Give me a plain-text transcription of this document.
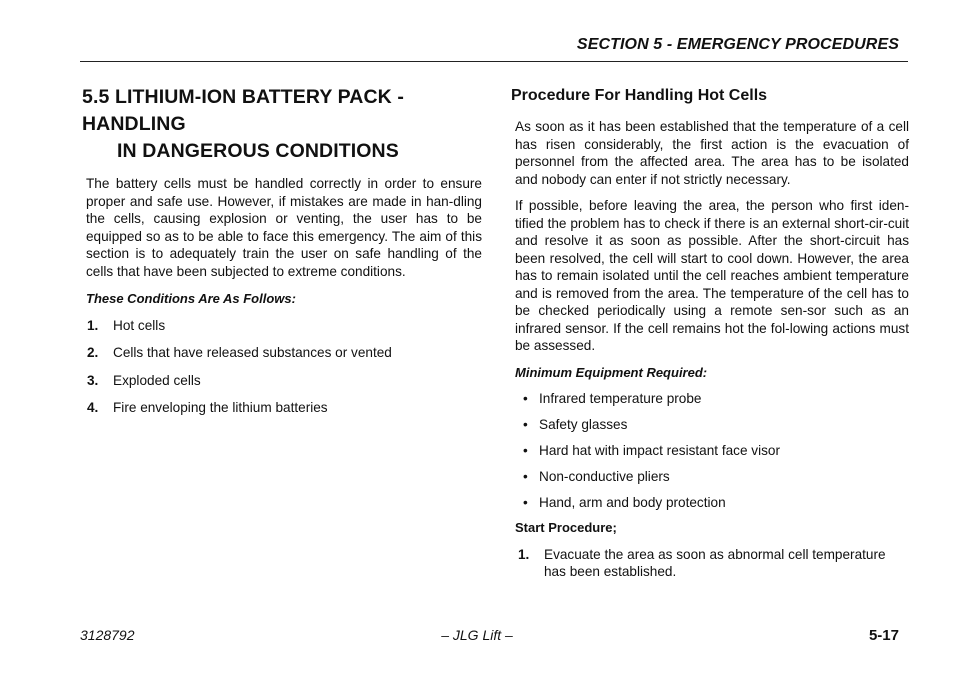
SECTION 5 - EMERGENCY PROCEDURES
5.5 LITHIUM-ION BATTERY PACK - HANDLING
IN DANGEROUS CONDITIONS

The battery cells must be handled correctly in order to ensure proper and safe use. However, if mistakes are made in han-dling the cells, causing explosion or venting, the user has to be equipped so as to be able to face this emergency. The aim of this section is to adequately train the user on safe handling of the cells that have been subjected to extreme conditions.

These Conditions Are As Follows:

1.	Hot cells
2.	Cells that have released substances or vented
3.	Exploded cells
4.	Fire enveloping the lithium batteries
Procedure For Handling Hot Cells

As soon as it has been established that the temperature of a cell has risen considerably, the first action is the evacuation of personnel from the affected area. The area has to be isolated and nobody can enter if not strictly necessary.

If possible, before leaving the area, the person who first iden-tified the problem has to check if there is an external short-cir-cuit and resolve it as soon as possible. After the short-circuit has been resolved, the cell will start to cool down. However, the area has to remain isolated until the cell reaches ambient temperature and is removed from the area. The temperature of the cell has to be checked periodically using a remote sen-sor such as an infrared sensor. If the cell remains hot the fol-lowing actions must be assessed.

Minimum Equipment Required:

• Infrared temperature probe
• Safety glasses
• Hard hat with impact resistant face visor
• Non-conductive pliers
• Hand, arm and body protection

Start Procedure;

1.	Evacuate the area as soon as abnormal cell temperature has been established.
3128792	– JLG Lift –	5-17
